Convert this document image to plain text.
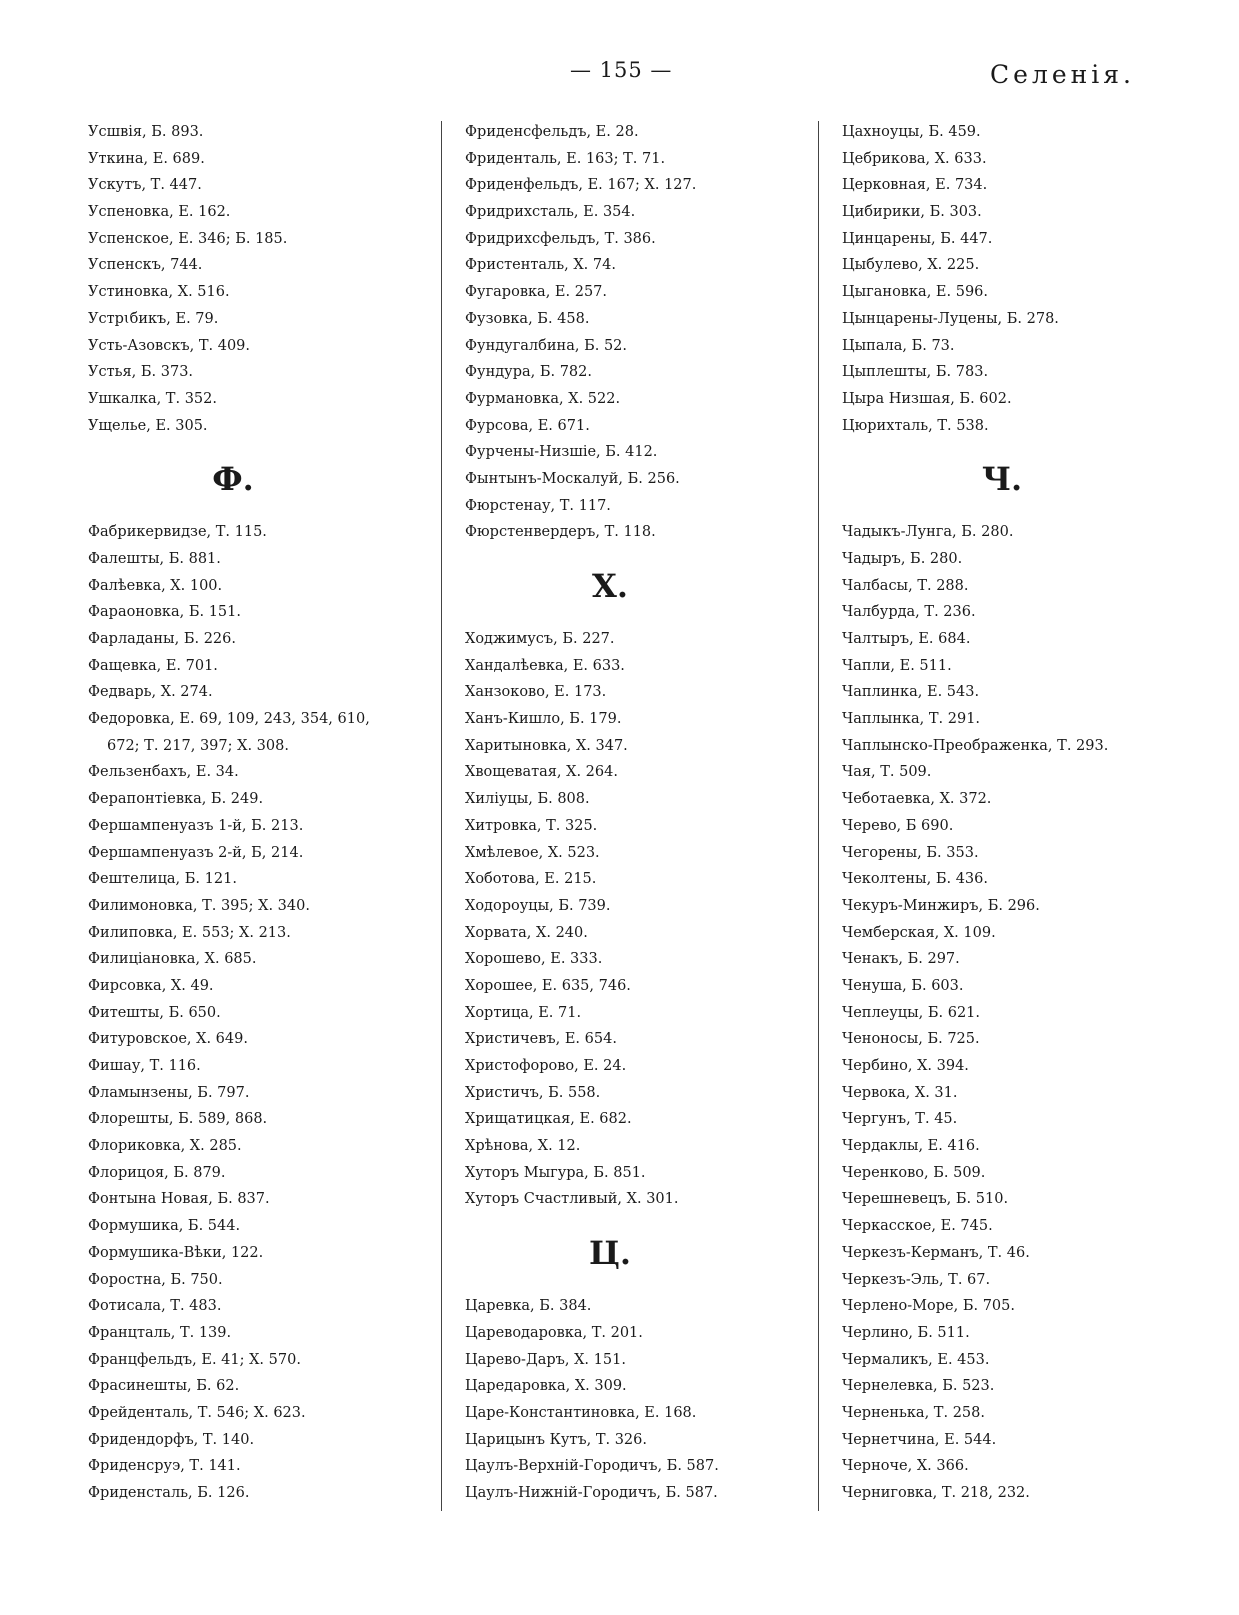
— 155 —	Селенія.
Усшвія, Б. 893.
Уткина, Е. 689.
Ускутъ, Т. 447.
Успеновка, Е. 162.
Успенское, Е. 346; Б. 185.
Успенскъ, 744.
Устиновка, Х. 516.
Устрɩбикъ, Е. 79.
Усть-Азовскъ, Т. 409.
Устья, Б. 373.
Ушкалка, Т. 352.
Ущелье, Е. 305.
Ф.
Фабрикервидзе, Т. 115.
Фалешты, Б. 881.
Фалѣевка, Х. 100.
Фараоновка, Б. 151.
Фарладаны, Б. 226.
Фащевка, Е. 701.
Федварь, Х. 274.
Федоровка, Е. 69, 109, 243, 354, 610,
672; Т. 217, 397; Х. 308.
Фельзенбахъ, Е. 34.
Ферапонтіевка, Б. 249.
Фершампенуазъ 1-й, Б. 213.
Фершампенуазъ 2-й, Б, 214.
Фештелица, Б. 121.
Филимоновка, Т. 395; Х. 340.
Филиповка, Е. 553; Х. 213.
Филиціановка, Х. 685.
Фирсовка, Х. 49.
Фитешты, Б. 650.
Фитуровское, Х. 649.
Фишау, Т. 116.
Фламынзены, Б. 797.
Флорешты, Б. 589, 868.
Флориковка, Х. 285.
Флорицоя, Б. 879.
Фонтына Новая, Б. 837.
Формушика, Б. 544.
Формушика-Вѣки, 122.
Форостна, Б. 750.
Фотисала, Т. 483.
Францталь, Т. 139.
Францфельдъ, Е. 41; Х. 570.
Фрасинешты, Б. 62.
Фрейденталь, Т. 546; Х. 623.
Фридендорфъ, Т. 140.
Фриденсруэ, Т. 141.
Фриденсталь, Б. 126.
Фриденсфельдъ, Е. 28.
Фриденталь, Е. 163; Т. 71.
Фриденфельдъ, Е. 167; Х. 127.
Фридрихсталь, Е. 354.
Фридрихсфельдъ, Т. 386.
Фристенталь, Х. 74.
Фугаровка, Е. 257.
Фузовка, Б. 458.
Фундугалбина, Б. 52.
Фундура, Б. 782.
Фурмановка, Х. 522.
Фурсова, Е. 671.
Фурчены-Низшіе, Б. 412.
Фынтынъ-Москалуй, Б. 256.
Фюрстенау, Т. 117.
Фюрстенвердеръ, Т. 118.
Х.
Ходжимусъ, Б. 227.
Хандалѣевка, Е. 633.
Ханзоково, Е. 173.
Ханъ-Кишло, Б. 179.
Харитыновка, Х. 347.
Хвощеватая, Х. 264.
Хиліуцы, Б. 808.
Хитровка, Т. 325.
Хмѣлевое, Х. 523.
Хоботова, Е. 215.
Ходороуцы, Б. 739.
Хорвата, Х. 240.
Хорошево, Е. 333.
Хорошее, Е. 635, 746.
Хортица, Е. 71.
Христичевъ, Е. 654.
Христофорово, Е. 24.
Христичъ, Б. 558.
Хрищатицкая, Е. 682.
Хрѣнова, Х. 12.
Хуторъ Мыгура, Б. 851.
Хуторъ Счастливый, Х. 301.
Ц.
Царевка, Б. 384.
Цареводаровка, Т. 201.
Царево-Даръ, Х. 151.
Царедаровка, Х. 309.
Царе-Константиновка, Е. 168.
Царицынъ Кутъ, Т. 326.
Цаулъ-Верхній-Городичъ, Б. 587.
Цаулъ-Нижній-Городичъ, Б. 587.
Цахноуцы, Б. 459.
Цебрикова, Х. 633.
Церковная, Е. 734.
Цибирики, Б. 303.
Цинцарены, Б. 447.
Цыбулево, Х. 225.
Цыгановка, Е. 596.
Цынцарены-Луцены, Б. 278.
Цыпала, Б. 73.
Цыплешты, Б. 783.
Цыра Низшая, Б. 602.
Цюрихталь, Т. 538.
Ч.
Чадыкъ-Лунга, Б. 280.
Чадыръ, Б. 280.
Чалбасы, Т. 288.
Чалбурда, Т. 236.
Чалтыръ, Е. 684.
Чапли, Е. 511.
Чаплинка, Е. 543.
Чаплынка, Т. 291.
Чаплынско-Преображенка, Т. 293.
Чая, Т. 509.
Чеботаевка, Х. 372.
Черево, Б 690.
Чегорены, Б. 353.
Чеколтены, Б. 436.
Чекуръ-Минжиръ, Б. 296.
Чемберская, Х. 109.
Ченакъ, Б. 297.
Ченуша, Б. 603.
Чеплеуцы, Б. 621.
Ченоносы, Б. 725.
Чербино, Х. 394.
Червока, Х. 31.
Чергунъ, Т. 45.
Чердаклы, Е. 416.
Черенково, Б. 509.
Черешневецъ, Б. 510.
Черкасское, Е. 745.
Черкезъ-Керманъ, Т. 46.
Черкезъ-Эль, Т. 67.
Черлено-Море, Б. 705.
Черлино, Б. 511.
Чермаликъ, Е. 453.
Чернелевка, Б. 523.
Черненька, Т. 258.
Чернетчина, Е. 544.
Черноче, Х. 366.
Черниговка, Т. 218, 232.
